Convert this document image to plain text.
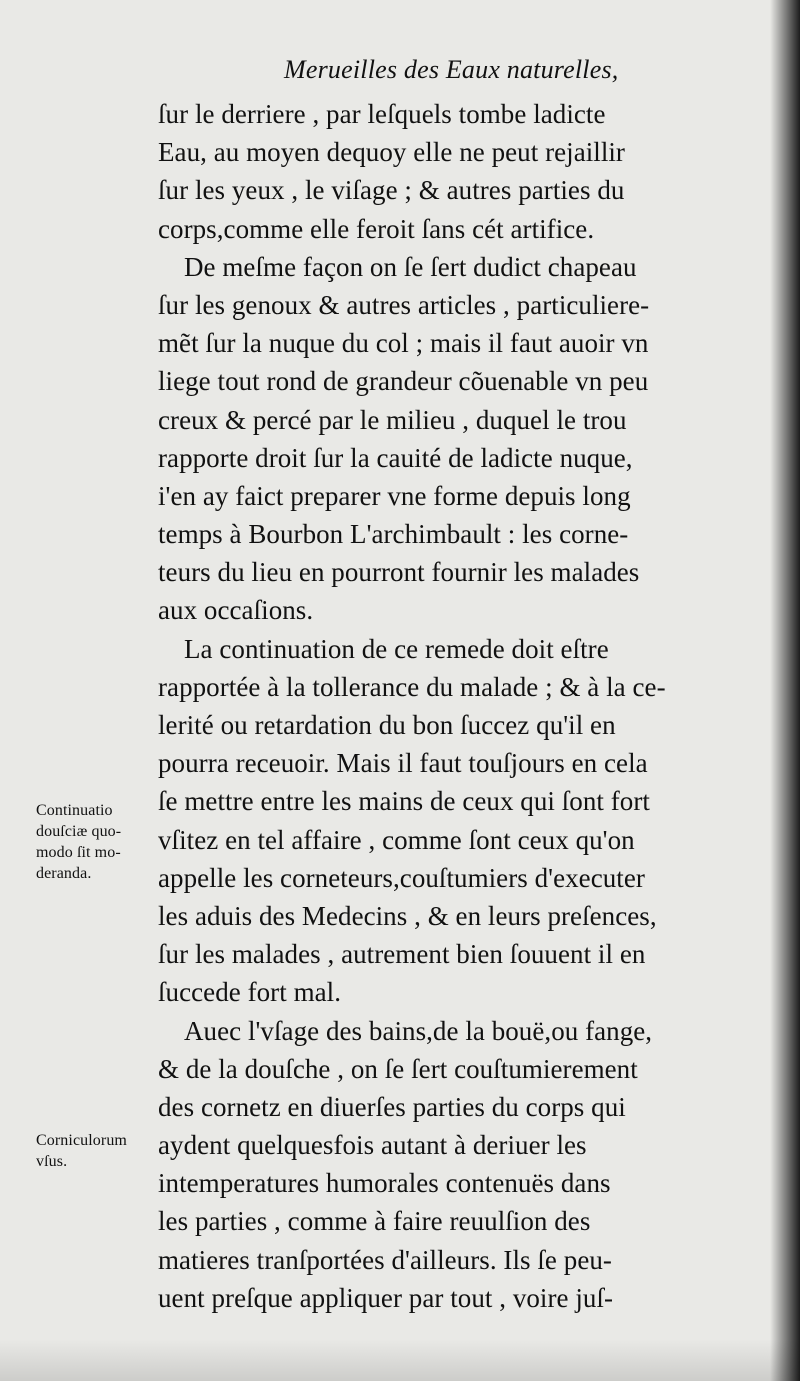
Merueilles des Eaux naturelles,
ſur le derriere , par leſquels tombe ladicte
Eau, au moyen dequoy elle ne peut rejaillir
ſur les yeux , le viſage ; & autres parties du
corps,comme elle feroit ſans cét artifice.
De meſme façon on ſe ſert dudict chapeau
ſur les genoux & autres articles , particuliere-
mẽt ſur la nuque du col ; mais il faut auoir vn
liege tout rond de grandeur cõuenable vn peu
creux & percé par le milieu , duquel le trou
rapporte droit ſur la cauité de ladicte nuque,
i'en ay faict preparer vne forme depuis long
temps à Bourbon L'archimbault : les corne-
teurs du lieu en pourront fournir les malades
aux occaſions.
La continuation de ce remede doit eſtre
rapportée à la tollerance du malade ; & à la ce-
lerité ou retardation du bon ſuccez qu'il en
pourra receuoir. Mais il faut touſjours en cela
ſe mettre entre les mains de ceux qui ſont fort
vſitez en tel affaire , comme ſont ceux qu'on
appelle les corneteurs,couſtumiers d'executer
les aduis des Medecins , & en leurs preſences,
ſur les malades , autrement bien ſouuent il en
ſuccede fort mal.
Auec l'vſage des bains,de la bouë,ou fange,
& de la douſche , on ſe ſert couſtumierement
des cornetz en diuerſes parties du corps qui
aydent quelquesfois autant à deriuer les
intemperatures humorales contenuës dans
les parties , comme à faire reuulſion des
matieres tranſportées d'ailleurs. Ils ſe peu-
uent preſque appliquer par tout , voire juſ-
Continuatio
douſciæ quo-
modo ſit mo-
deranda.
Corniculorum
vſus.
